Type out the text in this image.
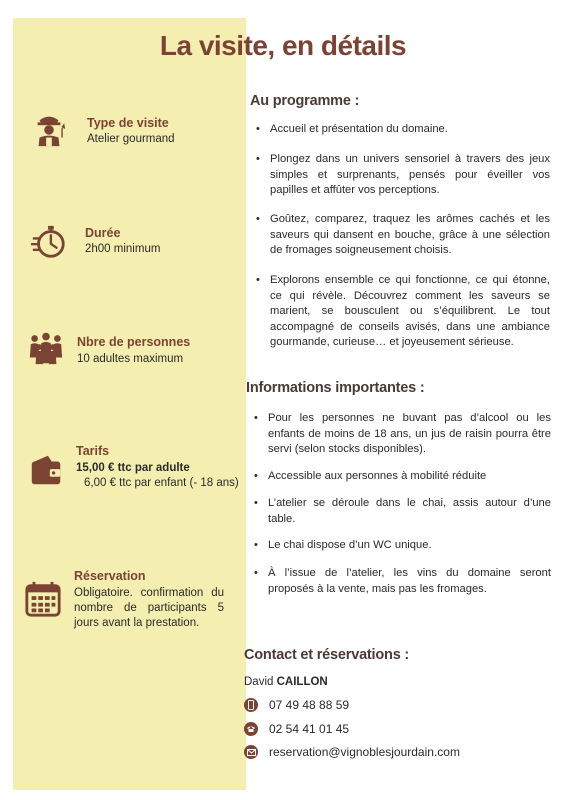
La visite, en détails
Type de visite
Atelier gourmand
Durée
2h00 minimum
Nbre de personnes
10 adultes maximum
Tarifs
15,00 € ttc par adulte
6,00 € ttc par enfant (- 18 ans)
Réservation
Obligatoire. confirmation du nombre de participants 5 jours avant la prestation.
Au programme :
• Accueil et présentation du domaine.
• Plongez dans un univers sensoriel à travers des jeux simples et surprenants, pensés pour éveiller vos papilles et affûter vos perceptions.
• Goûtez, comparez, traquez les arômes cachés et les saveurs qui dansent en bouche, grâce à une sélection de fromages soigneusement choisis.
• Explorons ensemble ce qui fonctionne, ce qui étonne, ce qui révèle. Découvrez comment les saveurs se marient, se bousculent ou s’équilibrent. Le tout accompagné de conseils avisés, dans une ambiance gourmande, curieuse… et joyeusement sérieuse.
Informations importantes :
• Pour les personnes ne buvant pas d’alcool ou les enfants de moins de 18 ans, un jus de raisin pourra être servi (selon stocks disponibles).
• Accessible aux personnes à mobilité réduite
• L’atelier se déroule dans le chai, assis autour d’une table.
• Le chai dispose d’un WC unique.
• À l’issue de l’atelier, les vins du domaine seront proposés à la vente, mais pas les fromages.
Contact et réservations :
David CAILLON
07 49 48 88 59
02 54 41 01 45
reservation@vignoblesjourdain.com
